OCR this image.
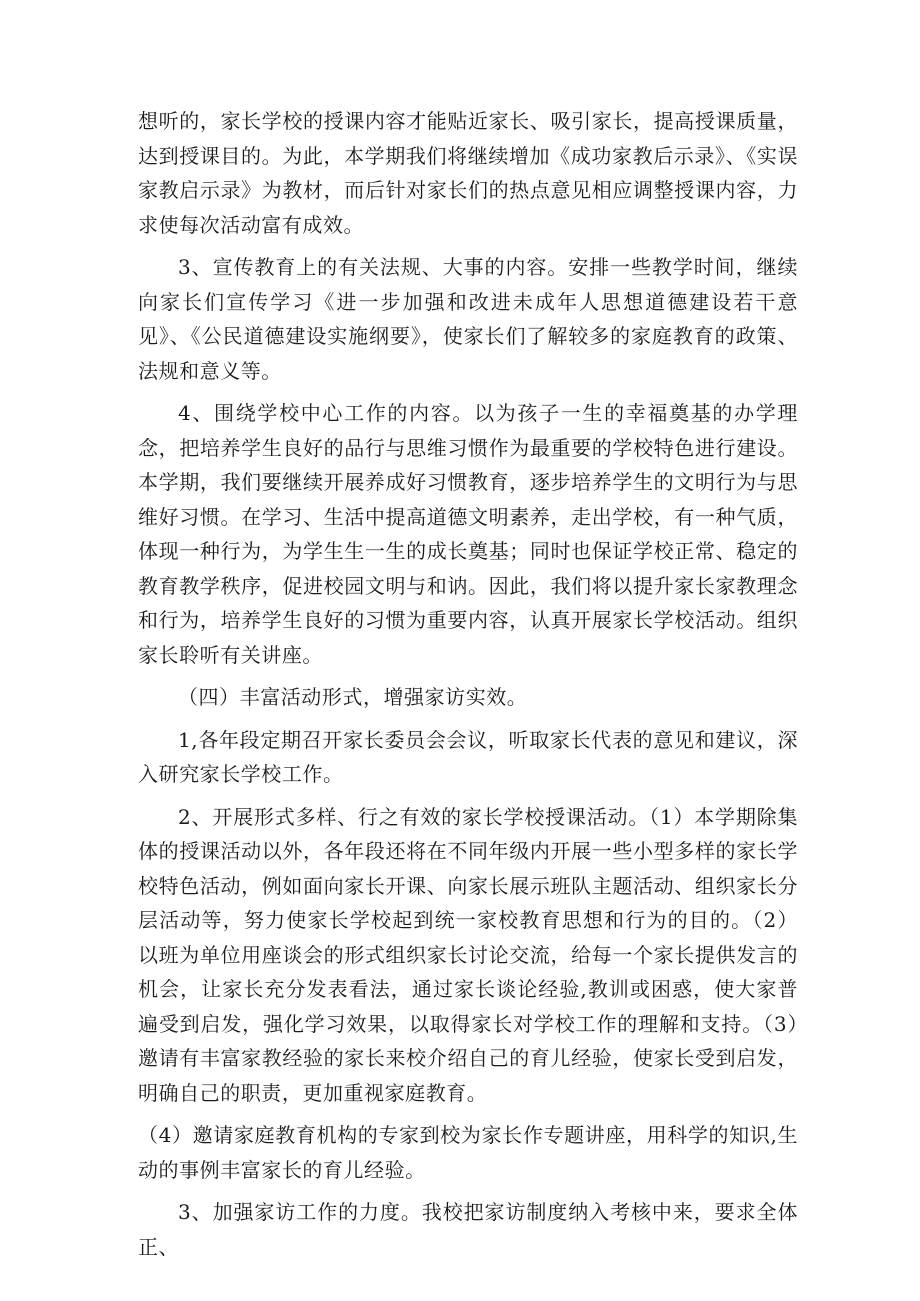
想听的，家长学校的授课内容才能贴近家长、吸引家长，提高授课质量，达到授课目的。为此，本学期我们将继续增加《成功家教后示录》、《实误家教启示录》为教材，而后针对家长们的热点意见相应调整授课内容，力求使每次活动富有成效。

3、宣传教育上的有关法规、大事的内容。安排一些教学时间，继续向家长们宣传学习《进一步加强和改进未成年人思想道德建设若干意见》、《公民道德建设实施纲要》，使家长们了解较多的家庭教育的政策、法规和意义等。

4、围绕学校中心工作的内容。以为孩子一生的幸福奠基的办学理念，把培养学生良好的品行与思维习惯作为最重要的学校特色进行建设。本学期，我们要继续开展养成好习惯教育，逐步培养学生的文明行为与思维好习惯。在学习、生活中提高道德文明素养，走出学校，有一种气质，体现一种行为，为学生生一生的成长奠基；同时也保证学校正常、稳定的教育教学秩序，促进校园文明与和讷。因此，我们将以提升家长家教理念和行为，培养学生良好的习惯为重要内容，认真开展家长学校活动。组织家长聆听有关讲座。

（四）丰富活动形式，增强家访实效。

1,各年段定期召开家长委员会会议，听取家长代表的意见和建议，深入研究家长学校工作。

2、开展形式多样、行之有效的家长学校授课活动。（1）本学期除集体的授课活动以外，各年段还将在不同年级内开展一些小型多样的家长学校特色活动，例如面向家长开课、向家长展示班队主题活动、组织家长分层活动等，努力使家长学校起到统一家校教育思想和行为的目的。（2）以班为单位用座谈会的形式组织家长讨论交流，给每一个家长提供发言的机会，让家长充分发表看法，通过家长谈论经验,教训或困惑，使大家普遍受到启发，强化学习效果，以取得家长对学校工作的理解和支持。（3）邀请有丰富家教经验的家长来校介绍自己的育儿经验，使家长受到启发，明确自己的职责，更加重视家庭教育。

（4）邀请家庭教育机构的专家到校为家长作专题讲座，用科学的知识,生动的事例丰富家长的育儿经验。

3、加强家访工作的力度。我校把家访制度纳入考核中来，要求全体正、
